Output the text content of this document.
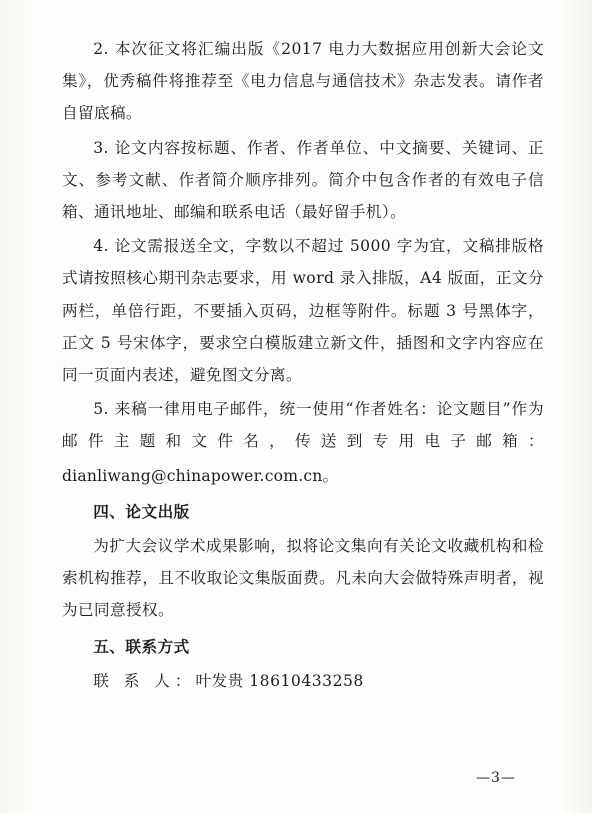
2. 本次征文将汇编出版《2017 电力大数据应用创新大会论文集》，优秀稿件将推荐至《电力信息与通信技术》杂志发表。请作者自留底稿。

3. 论文内容按标题、作者、作者单位、中文摘要、关键词、正文、参考文献、作者简介顺序排列。简介中包含作者的有效电子信箱、通讯地址、邮编和联系电话（最好留手机）。

4. 论文需报送全文，字数以不超过 5000 字为宜，文稿排版格式请按照核心期刊杂志要求，用 word 录入排版，A4 版面，正文分两栏，单倍行距，不要插入页码，边框等附件。标题 3 号黑体字，正文 5 号宋体字，要求空白模版建立新文件，插图和文字内容应在同一页面内表述，避免图文分离。

5. 来稿一律用电子邮件，统一使用“作者姓名：论文题目”作为邮件主题和文件名，传送到专用电子邮箱：

dianliwang@chinapower.com.cn。

四、论文出版

为扩大会议学术成果影响，拟将论文集向有关论文收藏机构和检索机构推荐，且不收取论文集版面费。凡未向大会做特殊声明者，视为已同意授权。

五、联系方式

联 系 人：叶发贵 18610433258

—3—
